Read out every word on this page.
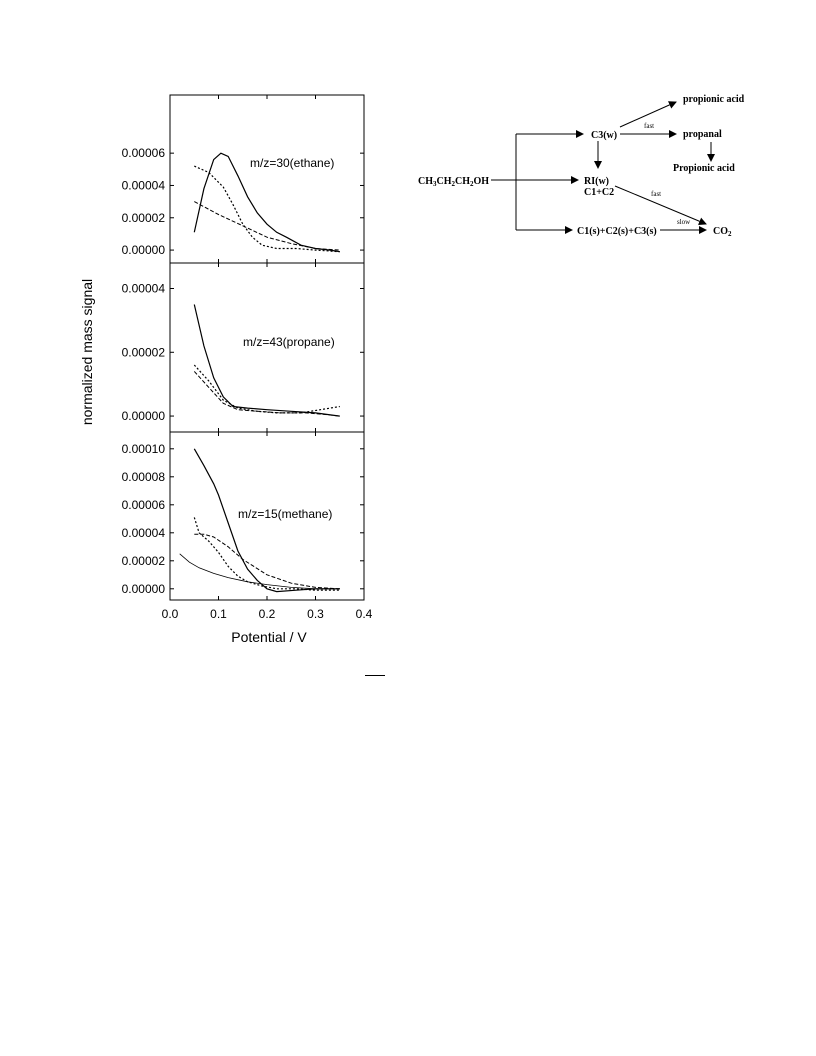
0.00000
0.00002
0.00004
0.00006
m/z=30(ethane)
0.00000
0.00002
0.00004
m/z=43(propane)
0.00000
0.00002
0.00004
0.00006
0.00008
0.00010
0.0	0.1	0.2	0.3	0.4
Potential / V
m/z=15(methane)
normalized mass signal
$CH_3CH_2CH_2OH$
C3(w)
propionic acid
fast
propanal
Propionic acid
RI(w)
C1+C2	fast
C1(s)+C2(s)+C3(s)
slow
$CO_2$
